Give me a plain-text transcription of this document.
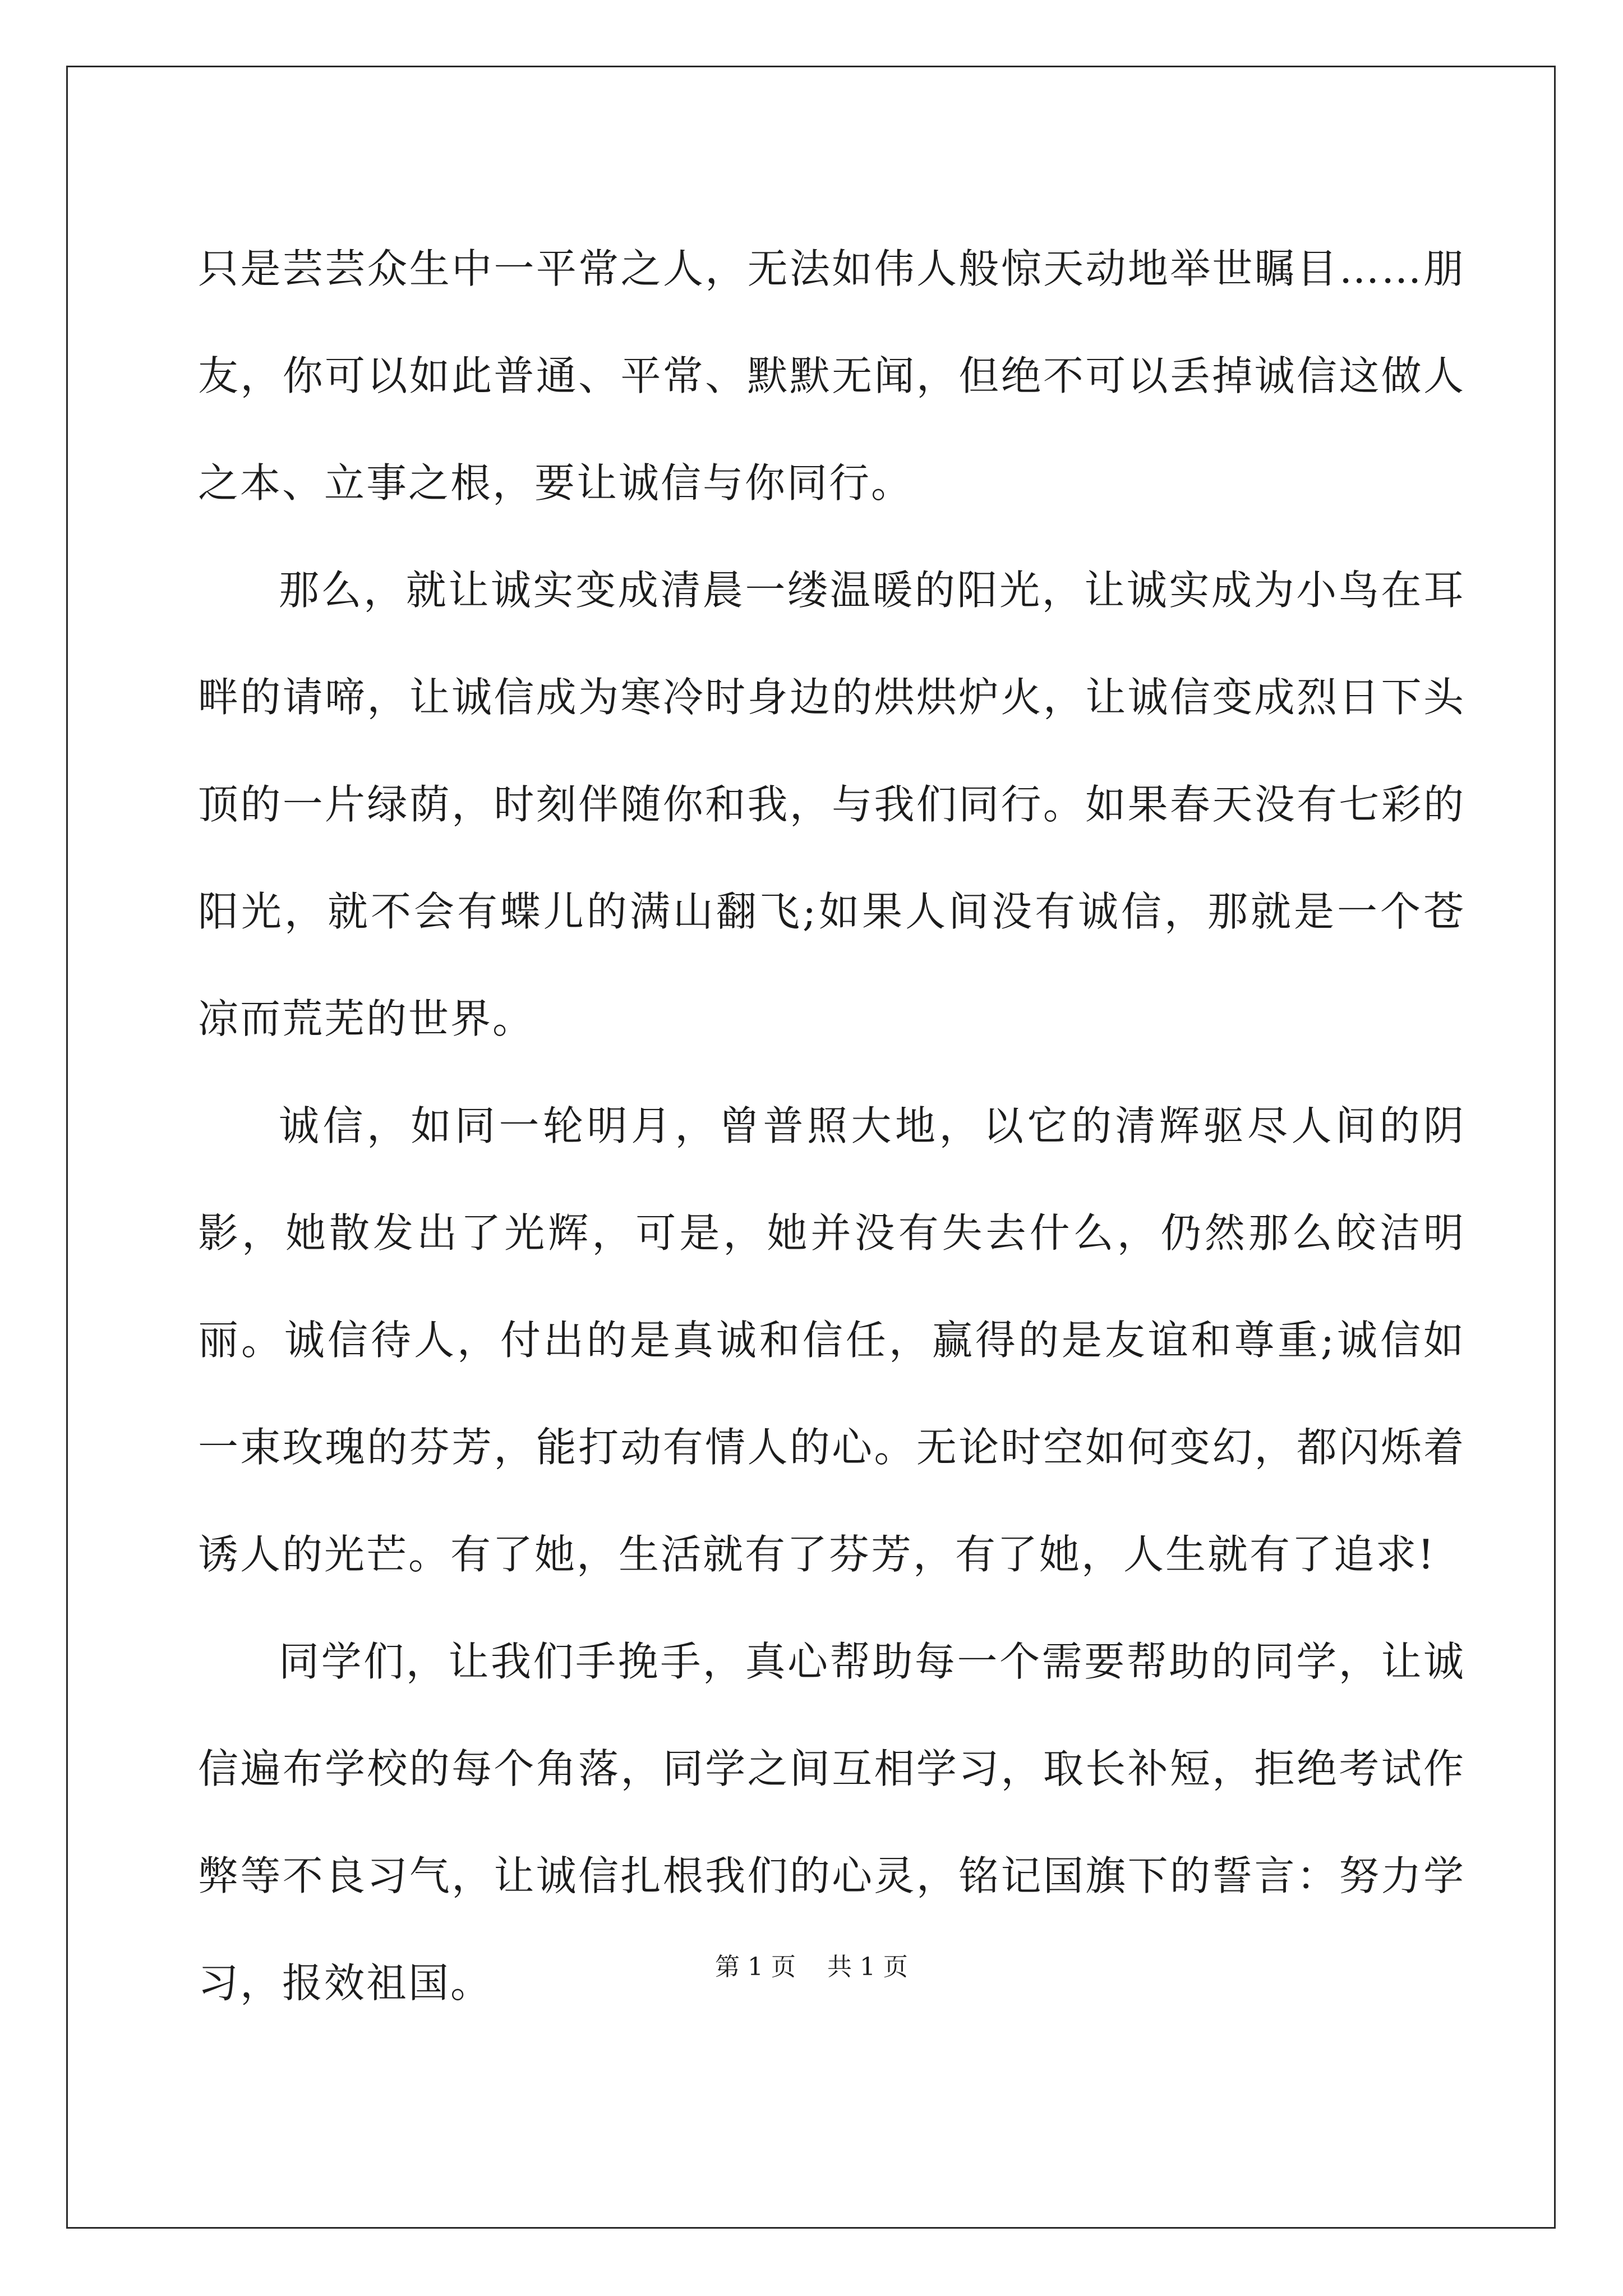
只是芸芸众生中一平常之人，无法如伟人般惊天动地举世瞩目……朋友，你可以如此普通、平常、默默无闻，但绝不可以丢掉诚信这做人之本、立事之根，要让诚信与你同行。

那么，就让诚实变成清晨一缕温暖的阳光，让诚实成为小鸟在耳畔的请啼，让诚信成为寒冷时身边的烘烘炉火，让诚信变成烈日下头顶的一片绿荫，时刻伴随你和我，与我们同行。如果春天没有七彩的阳光，就不会有蝶儿的满山翻飞;如果人间没有诚信，那就是一个苍凉而荒芜的世界。

诚信，如同一轮明月，曾普照大地，以它的清辉驱尽人间的阴影，她散发出了光辉，可是，她并没有失去什么，仍然那么皎洁明丽。诚信待人，付出的是真诚和信任，赢得的是友谊和尊重;诚信如一束玫瑰的芬芳，能打动有情人的心。无论时空如何变幻，都闪烁着诱人的光芒。有了她，生活就有了芬芳，有了她，人生就有了追求!

同学们，让我们手挽手，真心帮助每一个需要帮助的同学，让诚信遍布学校的每个角落，同学之间互相学习，取长补短，拒绝考试作弊等不良习气，让诚信扎根我们的心灵，铭记国旗下的誓言：努力学习，报效祖国。	第 1 页    共 1 页
